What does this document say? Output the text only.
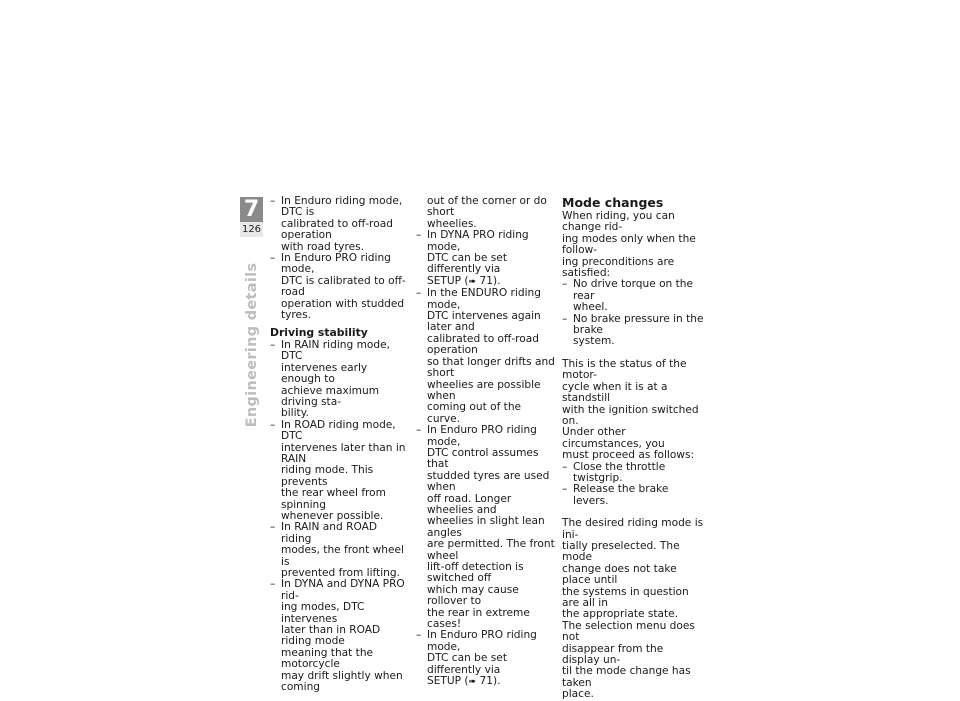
7
126
Engineering details
– In Enduro riding mode, DTC is
calibrated to off-road operation
with road tyres.
– In Enduro PRO riding mode,
DTC is calibrated to off-road
operation with studded tyres.
Driving stability
– In RAIN riding mode, DTC
intervenes early enough to
achieve maximum driving sta-
bility.
– In ROAD riding mode, DTC
intervenes later than in RAIN
riding mode. This prevents
the rear wheel from spinning
whenever possible.
– In RAIN and ROAD riding
modes, the front wheel is
prevented from lifting.
– In DYNA and DYNA PRO rid-
ing modes, DTC intervenes
later than in ROAD riding mode
meaning that the motorcycle
may drift slightly when coming
out of the corner or do short
wheelies.
– In DYNA PRO riding mode,
DTC can be set differently via
SETUP (➠ 71).
– In the ENDURO riding mode,
DTC intervenes again later and
calibrated to off-road operation
so that longer drifts and short
wheelies are possible when
coming out of the curve.
– In Enduro PRO riding mode,
DTC control assumes that
studded tyres are used when
off road. Longer wheelies and
wheelies in slight lean angles
are permitted. The front wheel
lift-off detection is switched off
which may cause rollover to
the rear in extreme cases!
– In Enduro PRO riding mode,
DTC can be set differently via
SETUP (➠ 71).
Mode changes

When riding, you can change rid-
ing modes only when the follow-
ing preconditions are satisfied:

– No drive torque on the rear
wheel.
– No brake pressure in the brake
system.

This is the status of the motor-
cycle when it is at a standstill
with the ignition switched on.
Under other circumstances, you
must proceed as follows:

– Close the throttle twistgrip.
– Release the brake levers.

The desired riding mode is ini-
tially preselected. The mode
change does not take place until
the systems in question are all in
the appropriate state.

The selection menu does not
disappear from the display un-
til the mode change has taken
place.
